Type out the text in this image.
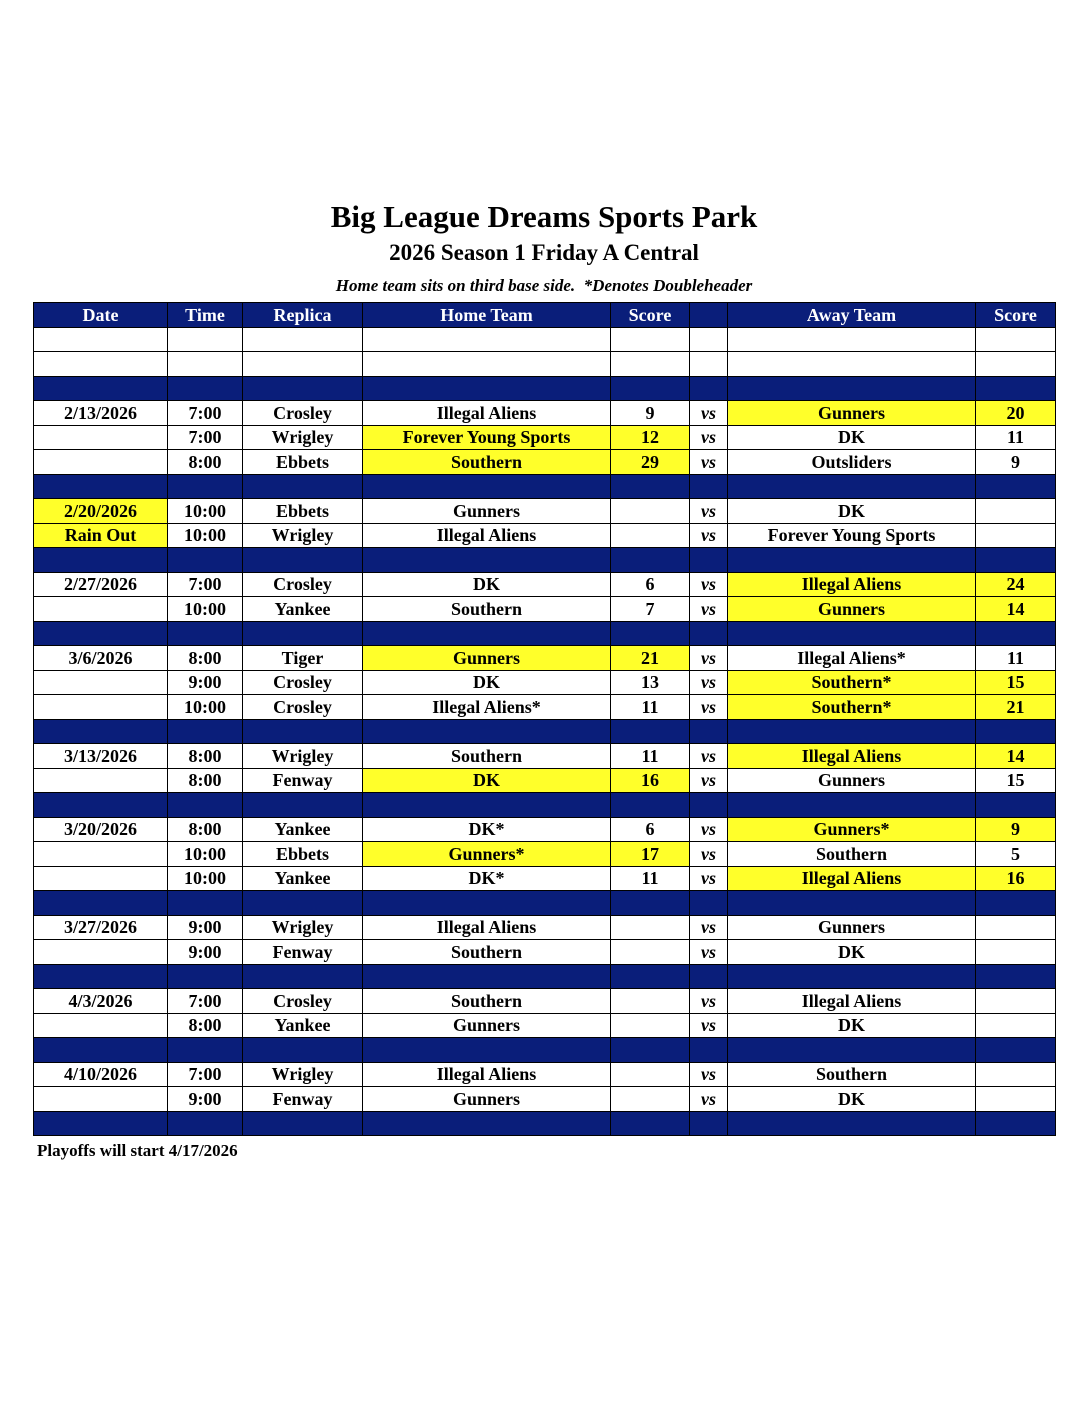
Big League Dreams Sports Park
2026 Season 1 Friday A Central
Home team sits on third base side.  *Denotes Doubleheader
Date	Time	Replica	Home Team	Score		Away Team	Score

2/13/2026	7:00	Crosley	Illegal Aliens	9	vs	Gunners	20
	7:00	Wrigley	Forever Young Sports	12	vs	DK	11
	8:00	Ebbets	Southern	29	vs	Outsliders	9

2/20/2026	10:00	Ebbets	Gunners		vs	DK	
Rain Out	10:00	Wrigley	Illegal Aliens		vs	Forever Young Sports	

2/27/2026	7:00	Crosley	DK	6	vs	Illegal Aliens	24
	10:00	Yankee	Southern	7	vs	Gunners	14

3/6/2026	8:00	Tiger	Gunners	21	vs	Illegal Aliens*	11
	9:00	Crosley	DK	13	vs	Southern*	15
	10:00	Crosley	Illegal Aliens*	11	vs	Southern*	21

3/13/2026	8:00	Wrigley	Southern	11	vs	Illegal Aliens	14
	8:00	Fenway	DK	16	vs	Gunners	15

3/20/2026	8:00	Yankee	DK*	6	vs	Gunners*	9
	10:00	Ebbets	Gunners*	17	vs	Southern	5
	10:00	Yankee	DK*	11	vs	Illegal Aliens	16

3/27/2026	9:00	Wrigley	Illegal Aliens		vs	Gunners	
	9:00	Fenway	Southern		vs	DK	

4/3/2026	7:00	Crosley	Southern		vs	Illegal Aliens	
	8:00	Yankee	Gunners		vs	DK	

4/10/2026	7:00	Wrigley	Illegal Aliens		vs	Southern	
	9:00	Fenway	Gunners		vs	DK	

Playoffs will start 4/17/2026
